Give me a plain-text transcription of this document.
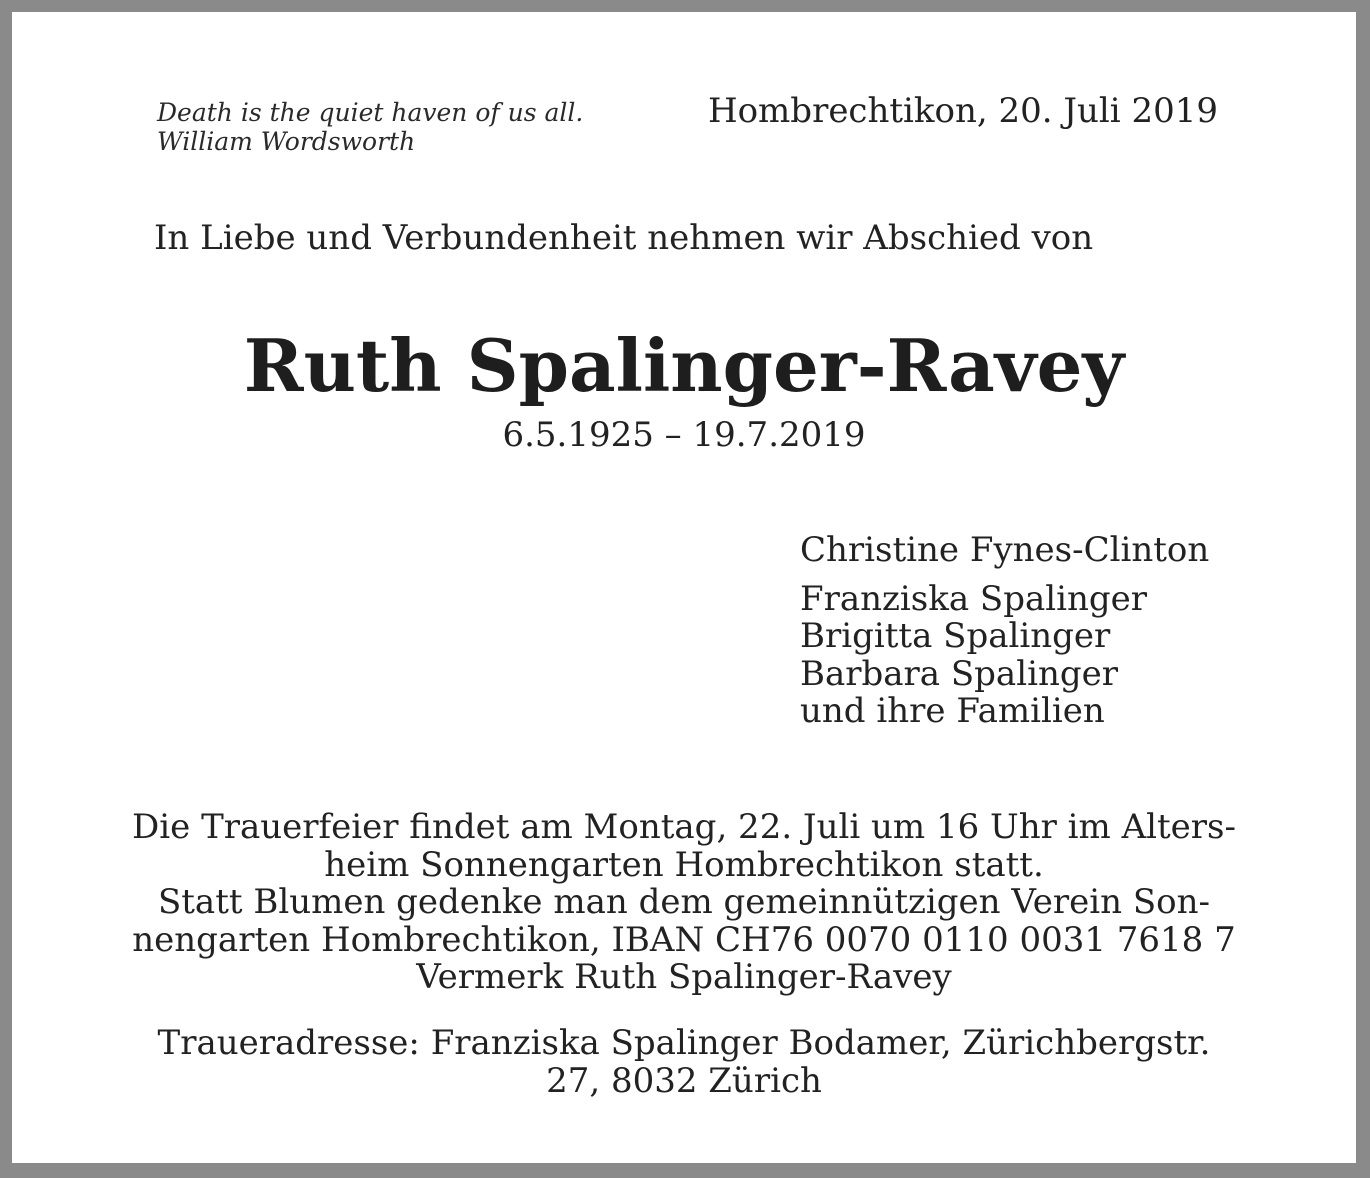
Death is the quiet haven of us all.
William Wordsworth
Hombrechtikon, 20. Juli 2019
In Liebe und Verbundenheit nehmen wir Abschied von
Ruth Spalinger-Ravey
6.5.1925 – 19.7.2019
Christine Fynes-Clinton
Franziska Spalinger
Brigitta Spalinger
Barbara Spalinger
und ihre Familien
Die Trauerfeier findet am Montag, 22. Juli um 16 Uhr im Alters-
heim Sonnengarten Hombrechtikon statt.
Statt Blumen gedenke man dem gemeinnützigen Verein Son-
nengarten Hombrechtikon, IBAN CH76 0070 0110 0031 7618 7
Vermerk Ruth Spalinger-Ravey
Traueradresse: Franziska Spalinger Bodamer, Zürichbergstr.
27, 8032 Zürich
